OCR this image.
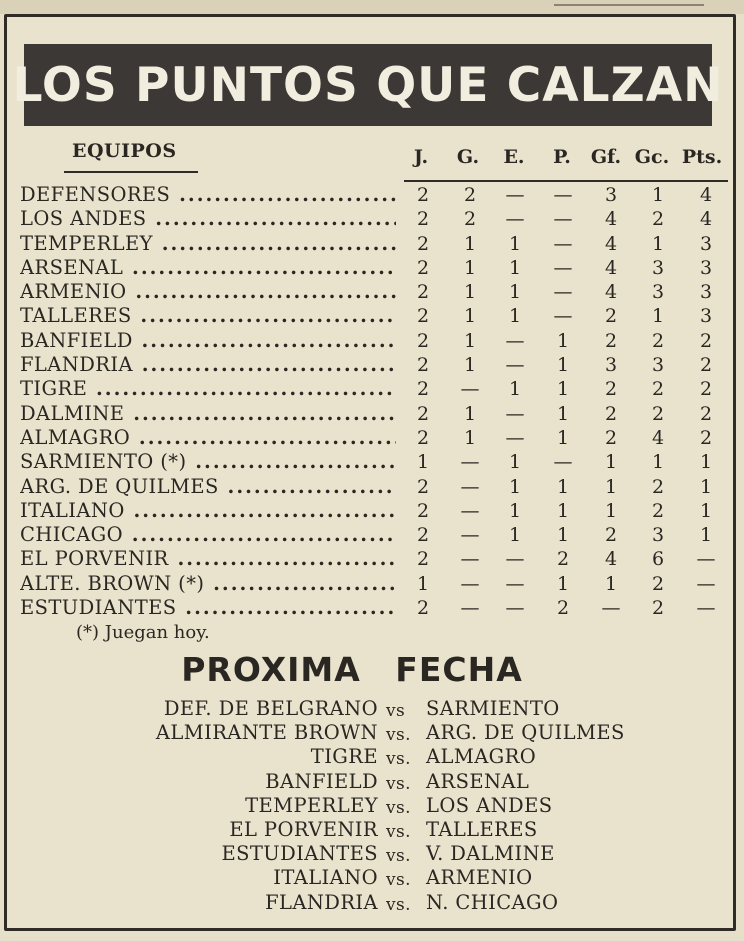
LOS PUNTOS QUE CALZAN
EQUIPOS	J. G. E. P. Gf. Gc. Pts.
DEFENSORES .....	2 2 — — 3 1 4
LOS ANDES .....	2 2 — — 4 2 4
TEMPERLEY .....	2 1 1 — 4 1 3
ARSENAL .....	2 1 1 — 4 3 3
ARMENIO .....	2 1 1 — 4 3 3
TALLERES .....	2 1 1 — 2 1 3
BANFIELD .....	2 1 — 1 2 2 2
FLANDRIA .....	2 1 — 1 3 3 2
TIGRE .....	2 — 1 1 2 2 2
DALMINE .....	2 1 — 1 2 2 2
ALMAGRO .....	2 1 — 1 2 4 2
SARMIENTO (*) .....	1 — 1 — 1 1 1
ARG. DE QUILMES .....	2 — 1 1 1 2 1
ITALIANO .....	2 — 1 1 1 2 1
CHICAGO .....	2 — 1 1 2 3 1
EL PORVENIR .....	2 — — 2 4 6 —
ALTE. BROWN (*) .....	1 — — 1 1 2 —
ESTUDIANTES .....	2 — — 2 — 2 —
(*) Juegan hoy.
PROXIMA FECHA
DEF. DE BELGRANO vs SARMIENTO
ALMIRANTE BROWN vs. ARG. DE QUILMES
TIGRE vs. ALMAGRO
BANFIELD vs. ARSENAL
TEMPERLEY vs. LOS ANDES
EL PORVENIR vs. TALLERES
ESTUDIANTES vs. V. DALMINE
ITALIANO vs. ARMENIO
FLANDRIA vs. N. CHICAGO
